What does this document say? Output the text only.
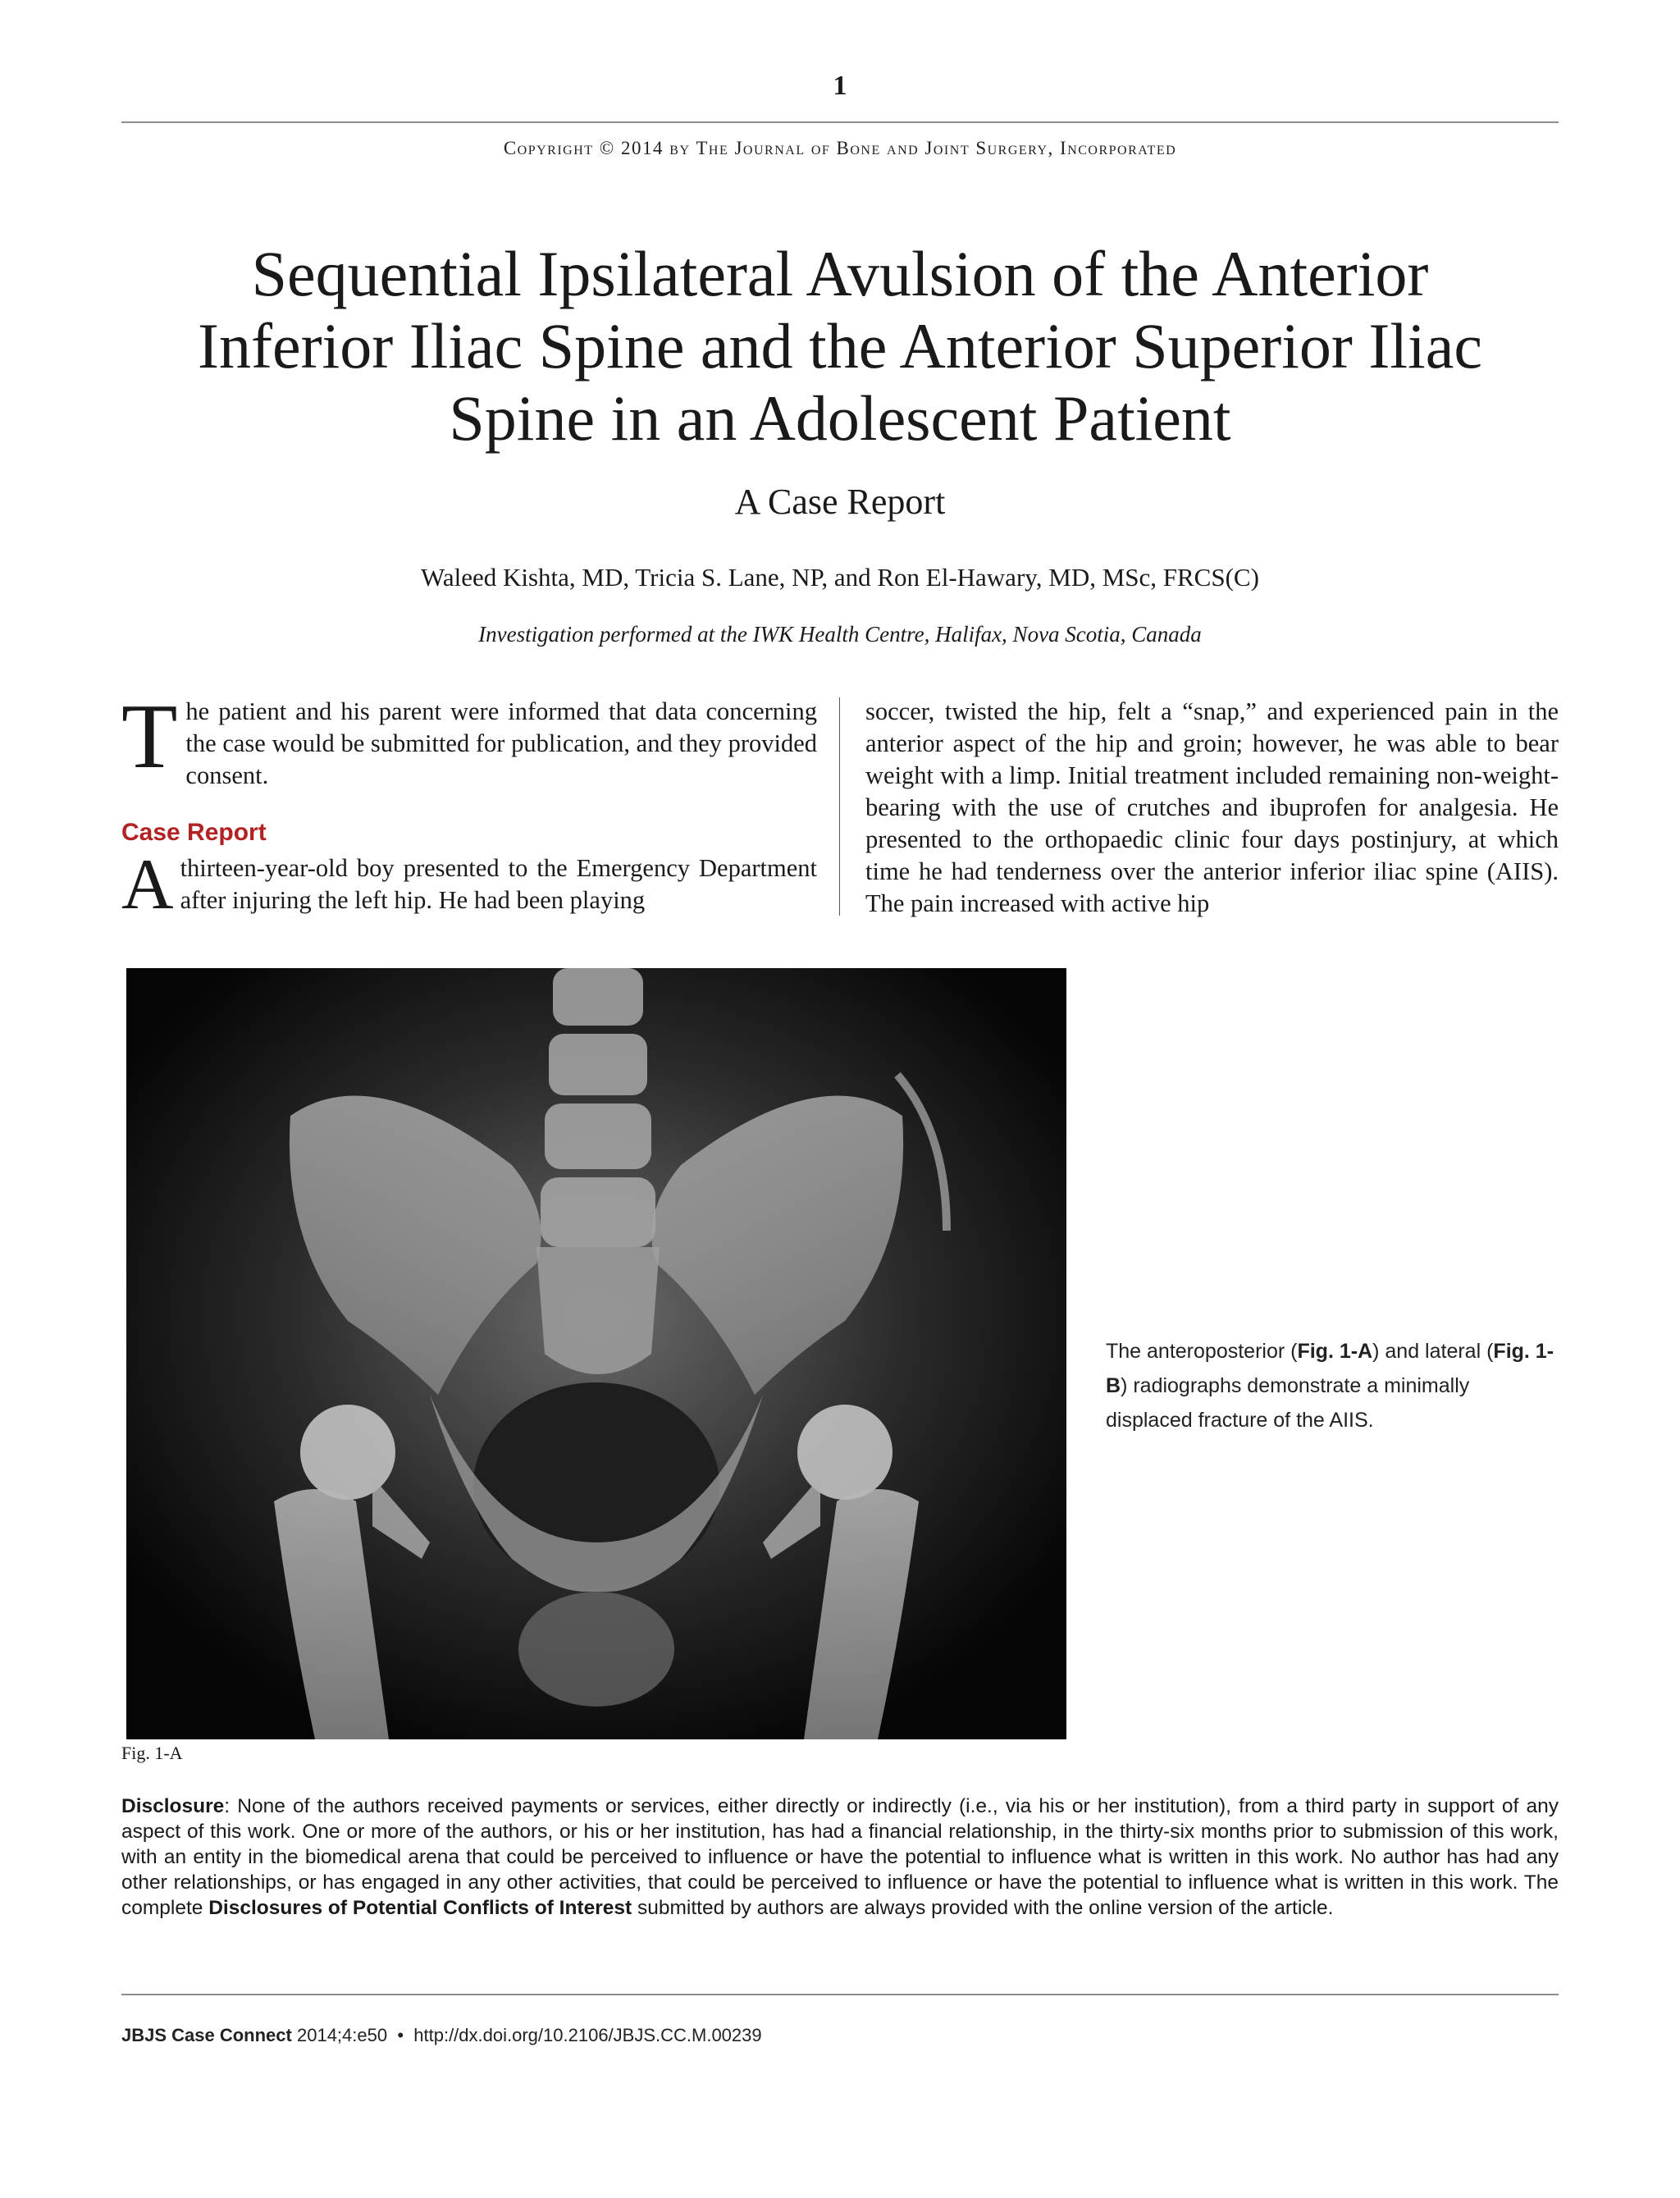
1
Copyright © 2014 by The Journal of Bone and Joint Surgery, Incorporated
Sequential Ipsilateral Avulsion of the Anterior Inferior Iliac Spine and the Anterior Superior Iliac Spine in an Adolescent Patient
A Case Report
Waleed Kishta, MD, Tricia S. Lane, NP, and Ron El-Hawary, MD, MSc, FRCS(C)
Investigation performed at the IWK Health Centre, Halifax, Nova Scotia, Canada

The patient and his parent were informed that data concerning the case would be submitted for publication, and they provided consent.

Case Report

Athirteen-year-old boy presented to the Emergency Department after injuring the left hip. He had been playing

soccer, twisted the hip, felt a “snap,” and experienced pain in the anterior aspect of the hip and groin; however, he was able to bear weight with a limp. Initial treatment included remaining non-weight-bearing with the use of crutches and ibuprofen for analgesia. He presented to the orthopaedic clinic four days postinjury, at which time he had tenderness over the anterior inferior iliac spine (AIIS). The pain increased with active hip

Fig. 1-A
The anteroposterior (Fig. 1-A) and lateral (Fig. 1-B) radiographs demonstrate a minimally displaced fracture of the AIIS.
Disclosure: None of the authors received payments or services, either directly or indirectly (i.e., via his or her institution), from a third party in support of any aspect of this work. One or more of the authors, or his or her institution, has had a financial relationship, in the thirty-six months prior to submission of this work, with an entity in the biomedical arena that could be perceived to influence or have the potential to influence what is written in this work. No author has had any other relationships, or has engaged in any other activities, that could be perceived to influence or have the potential to influence what is written in this work. The complete Disclosures of Potential Conflicts of Interest submitted by authors are always provided with the online version of the article.
JBJS Case Connect 2014;4:e50 • http://dx.doi.org/10.2106/JBJS.CC.M.00239
